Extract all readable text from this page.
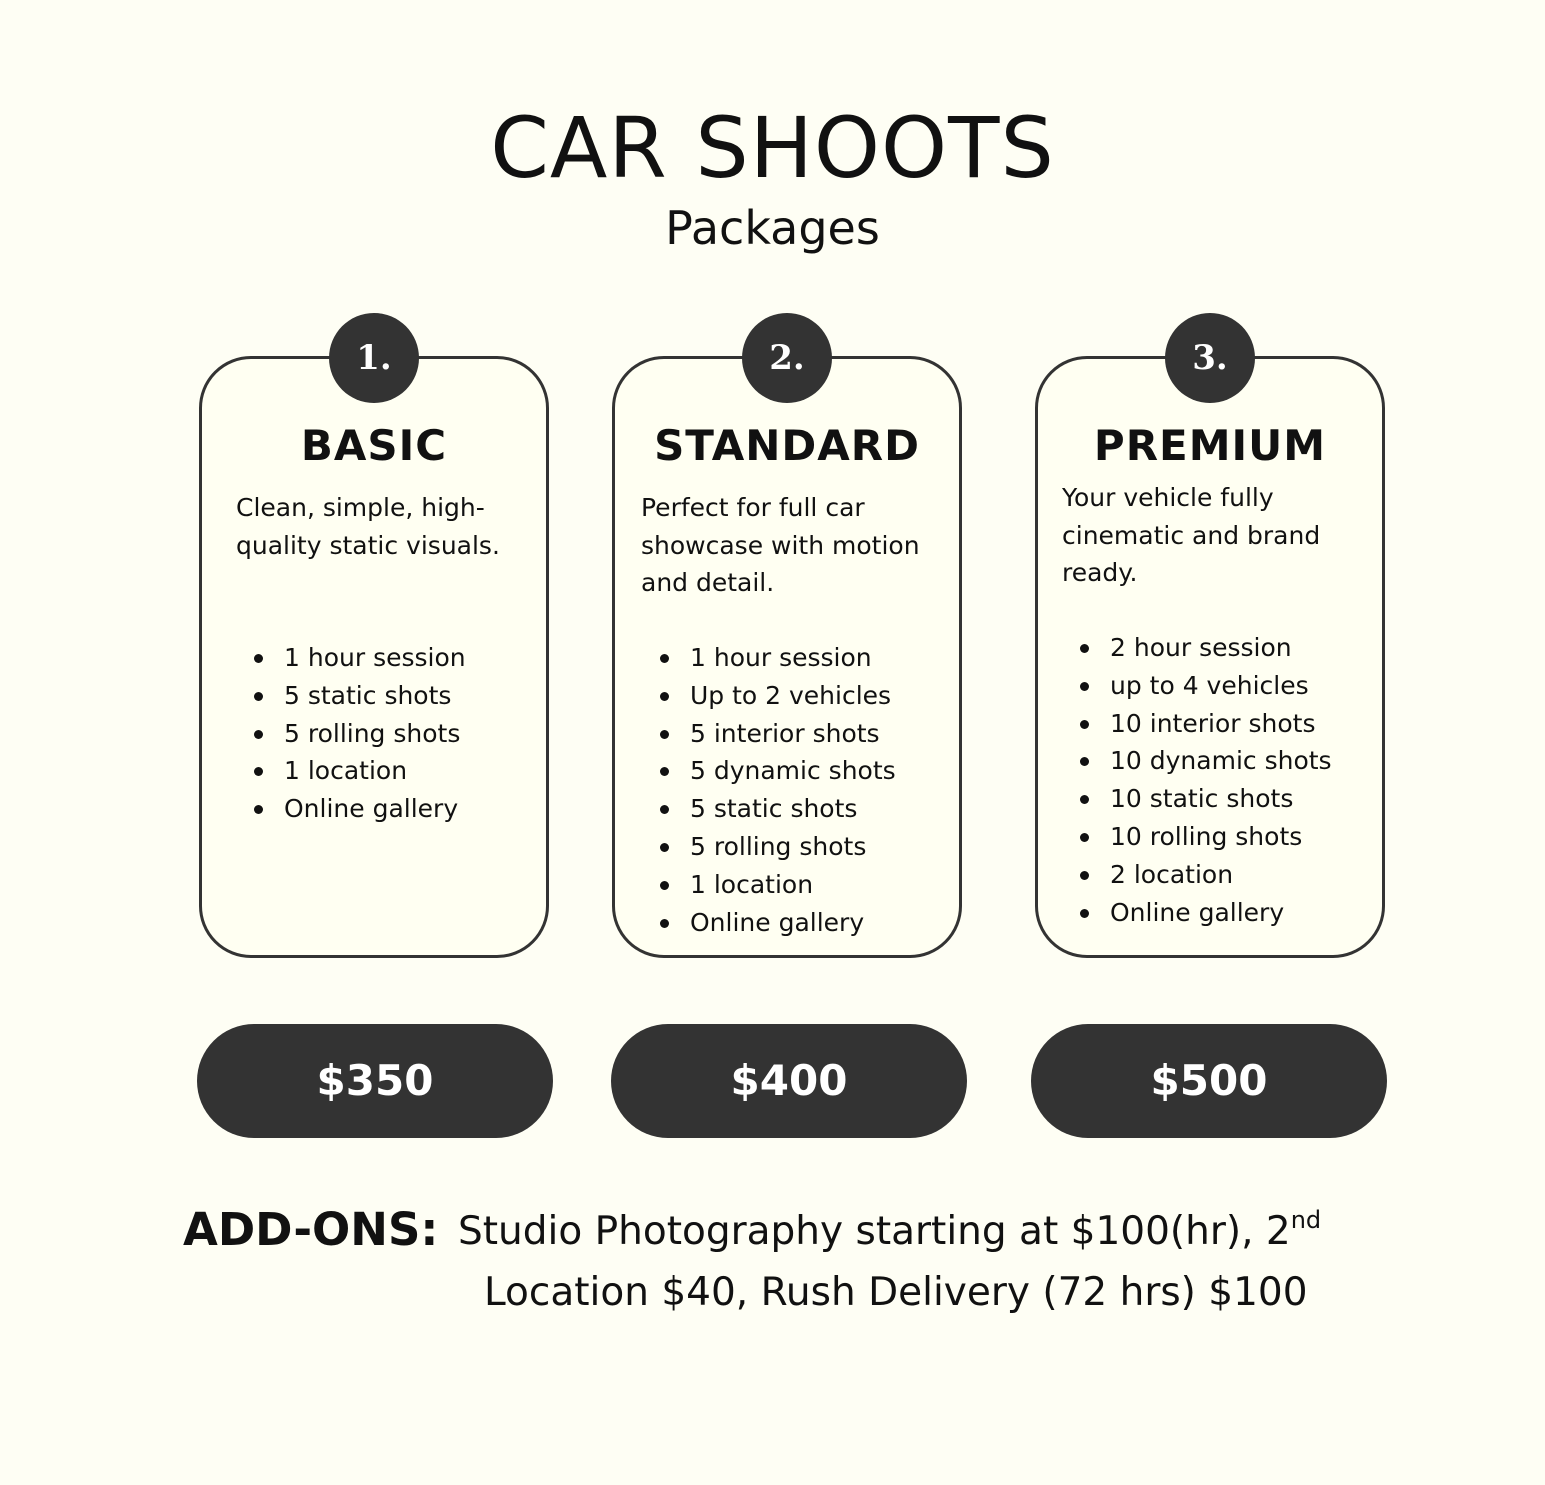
CAR SHOOTS
Packages
1.
BASIC
Clean, simple, high-quality static visuals.
1 hour session
5 static shots
5 rolling shots
1 location
Online gallery
2.
STANDARD
Perfect for full car showcase with motion and detail.
1 hour session
Up to 2 vehicles
5 interior shots
5 dynamic shots
5 static shots
5 rolling shots
1 location
Online gallery
3.
PREMIUM
Your vehicle fully cinematic and brand ready.
2 hour session
up to 4 vehicles
10 interior shots
10 dynamic shots
10 static shots
10 rolling shots
2 location
Online gallery
$350	$400	$500
ADD-ONS: Studio Photography starting at $100(hr), 2nd
Location $40, Rush Delivery (72 hrs) $100
